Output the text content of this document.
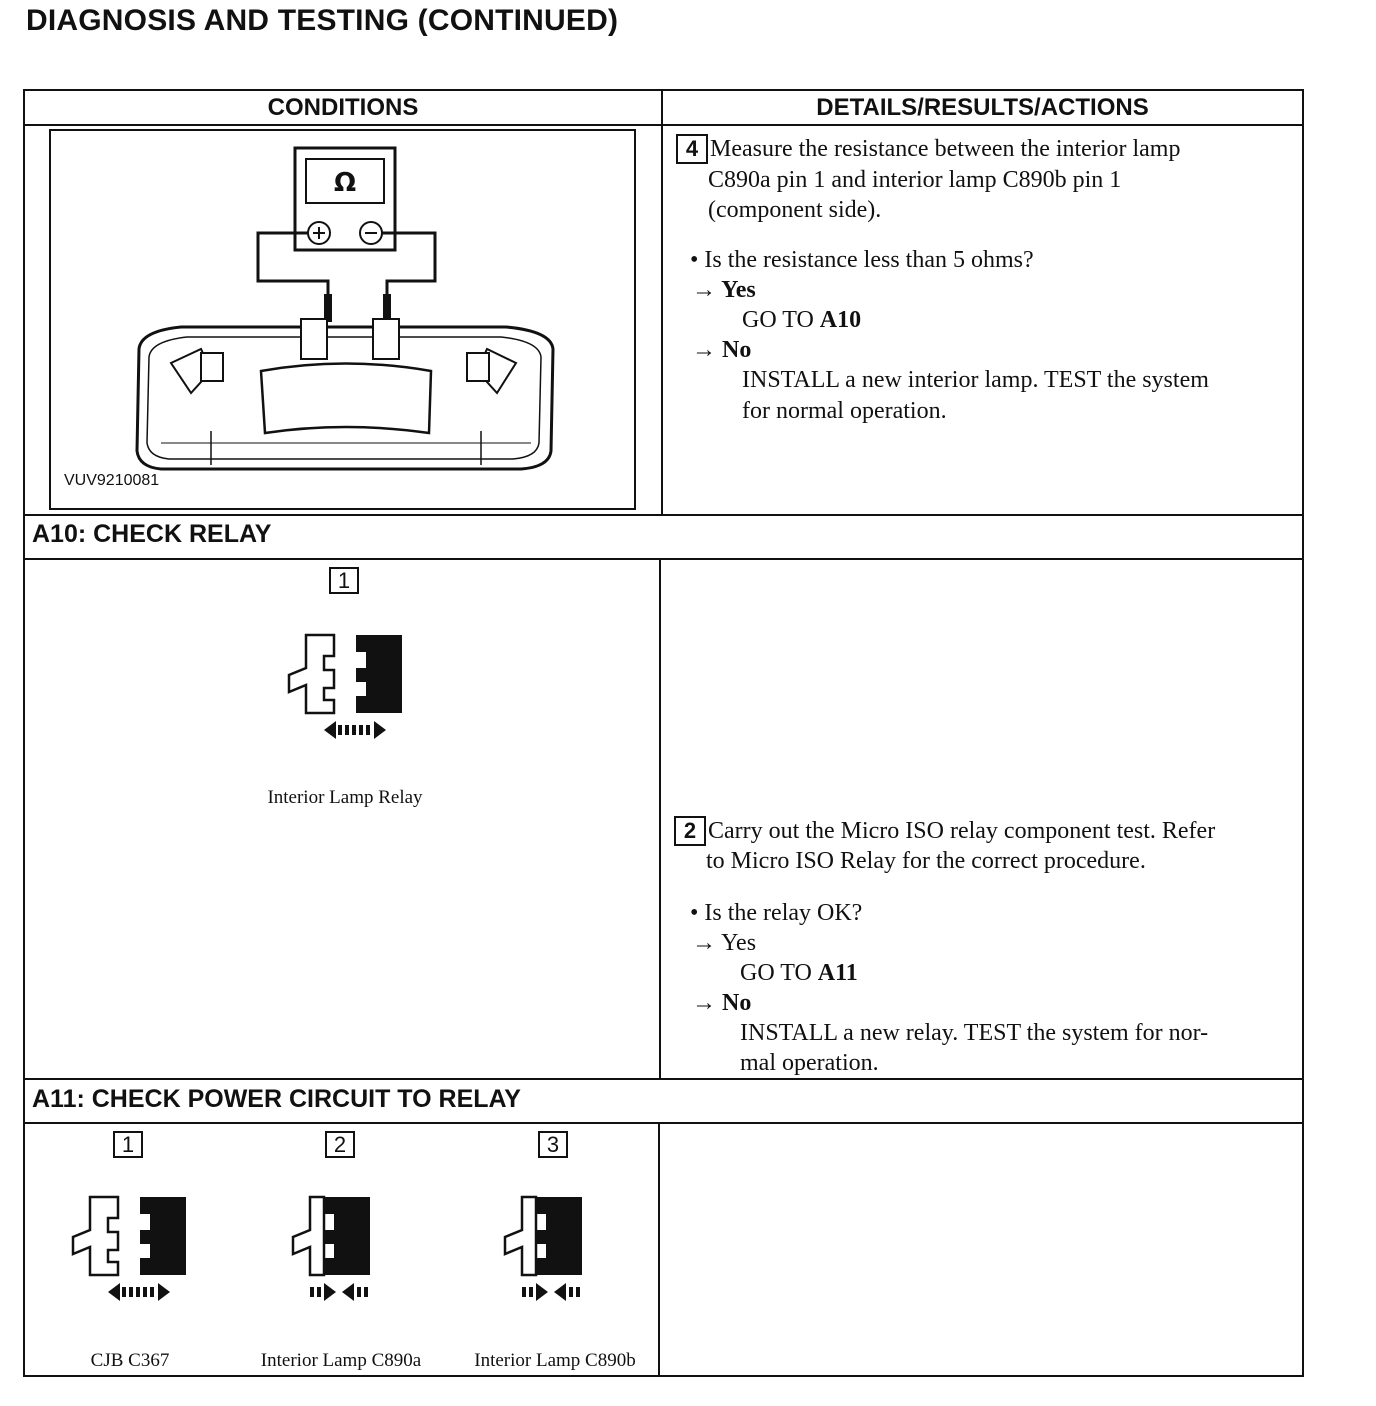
DIAGNOSIS AND TESTING (CONTINUED)
CONDITIONS	DETAILS/RESULTS/ACTIONS
Ω
VUV9210081
4 Measure the resistance between the interior lamp
C890a pin 1 and interior lamp C890b pin 1
(component side).
• Is the resistance less than 5 ohms?
→ Yes
GO TO A10
→ No
INSTALL a new interior lamp. TEST the system
for normal operation.
A10: CHECK RELAY
1
Interior Lamp Relay
2 Carry out the Micro ISO relay component test. Refer
to Micro ISO Relay for the correct procedure.
• Is the relay OK?
→ Yes
GO TO A11
→ No
INSTALL a new relay. TEST the system for nor-
mal operation.
A11: CHECK POWER CIRCUIT TO RELAY
1
CJB C367
2
Interior Lamp C890a
3
Interior Lamp C890b
